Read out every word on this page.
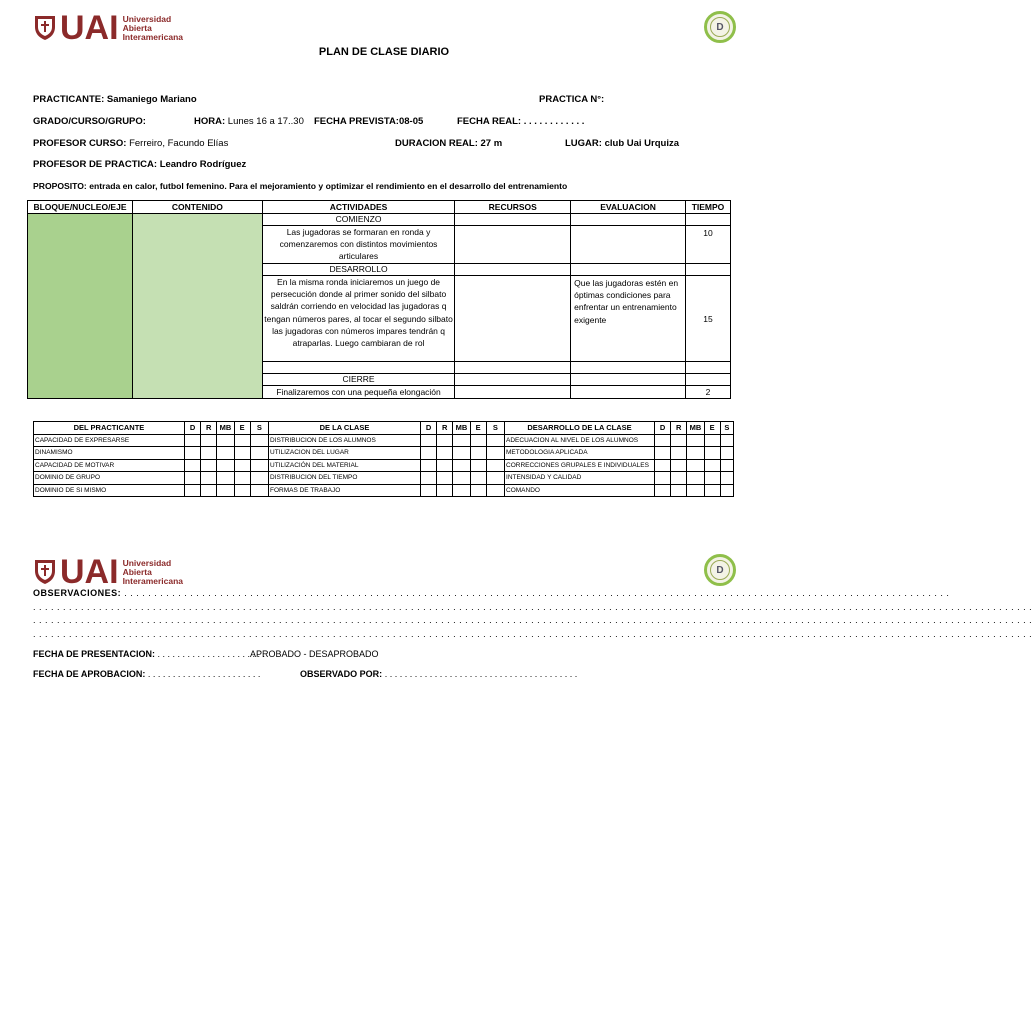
UAI Universidad
Abierta
Interamericana
D
PLAN DE CLASE DIARIO
PRACTICANTE: Samaniego Mariano	PRACTICA N°:
GRADO/CURSO/GRUPO:	HORA: Lunes 16 a 17..30 FECHA PREVISTA:08-05	FECHA REAL: . . . . . . . . . . . .
PROFESOR CURSO: Ferreiro, Facundo Elías	DURACION REAL: 27 m	LUGAR: club Uai Urquiza
PROFESOR DE PRACTICA: Leandro Rodríguez
PROPOSITO: entrada en calor, futbol femenino. Para el mejoramiento y optimizar el rendimiento en el desarrollo del entrenamiento
BLOQUE/NUCLEO/EJE	CONTENIDO	ACTIVIDADES	RECURSOS	EVALUACION	TIEMPO
		COMIENZO			
		Las jugadoras se formaran en ronda y comenzaremos con distintos movimientos articulares			10
		DESARROLLO			
		En la misma ronda iniciaremos un juego de persecución donde al primer sonido del silbato saldrán corriendo en velocidad las jugadoras q tengan números pares, al tocar el segundo silbato las jugadoras con números impares tendrán q atraparlas. Luego cambiaran de rol		Que las jugadoras estén en óptimas condiciones para enfrentar un entrenamiento exigente	15

		CIERRE			
		Finalizaremos con una pequeña elongación			2
DEL PRACTICANTE	D	R	MB	E	S	DE LA CLASE	D	R	MB	E	S	DESARROLLO DE LA CLASE	D	R	MB	E	S
CAPACIDAD DE EXPRESARSE						DISTRIBUCION DE LOS ALUMNOS						ADECUACION AL NIVEL DE LOS ALUMNOS					
DINAMISMO						UTILIZACION DEL LUGAR						METODOLOGIA APLICADA					
CAPACIDAD DE MOTIVAR						UTILIZACIÓN DEL MATERIAL						CORRECCIONES GRUPALES E INDIVIDUALES					
DOMINIO DE GRUPO						DISTRIBUCION DEL TIEMPO						INTENSIDAD Y CALIDAD					
DOMINIO DE SI MISMO						FORMAS DE TRABAJO						COMANDO					
UAI Universidad
Abierta
Interamericana
D
OBSERVACIONES: . . . . . . . . . . . . . . . . . . . . . . . . . . . . . . . . . . . . . . . . . . . . . . . . . . . . . . . . . . . . . . . . . . . . . . . . . . . . . . . . . . . . . . . . . . . . . . . . . . . . . . . . . . . . . . . . . . . . . . . . . . . . . . . . . . . . . . . . . .
. . . . . . . . . . . . . . . . . . . . . . . . . . . . . . . . . . . . . . . . . . . . . . . . . . . . . . . . . . . . . . . . . . . . . . . . . . . . . . . . . . . . . . . . . . . . . . . . . . . . . . . . . . . . . . . . . . . . . . . . . . . . . . . . . . . . . . . . . . . . . . . . . . . . . . . . . . . . . . . . . . . . . . .
. . . . . . . . . . . . . . . . . . . . . . . . . . . . . . . . . . . . . . . . . . . . . . . . . . . . . . . . . . . . . . . . . . . . . . . . . . . . . . . . . . . . . . . . . . . . . . . . . . . . . . . . . . . . . . . . . . . . . . . . . . . . . . . . . . . . . . . . . . . . . . . . . . . . . . . . . . . . . . . . . . . . . . .
. . . . . . . . . . . . . . . . . . . . . . . . . . . . . . . . . . . . . . . . . . . . . . . . . . . . . . . . . . . . . . . . . . . . . . . . . . . . . . . . . . . . . . . . . . . . . . . . . . . . . . . . . . . . . . . . . . . . . . . . . . . . . . . . . . . . . . . . . . . . . . . . . . . . . . . . . . . . . . . . . . . . . . .
FECHA DE PRESENTACION: . . . . . . . . . . . . . . . . . . . . . .
APROBADO - DESAPROBADO
FECHA DE APROBACION: . . . . . . . . . . . . . . . . . . . . . . .	OBSERVADO POR: . . . . . . . . . . . . . . . . . . . . . . . . . . . . . . . . . . . . . . .
